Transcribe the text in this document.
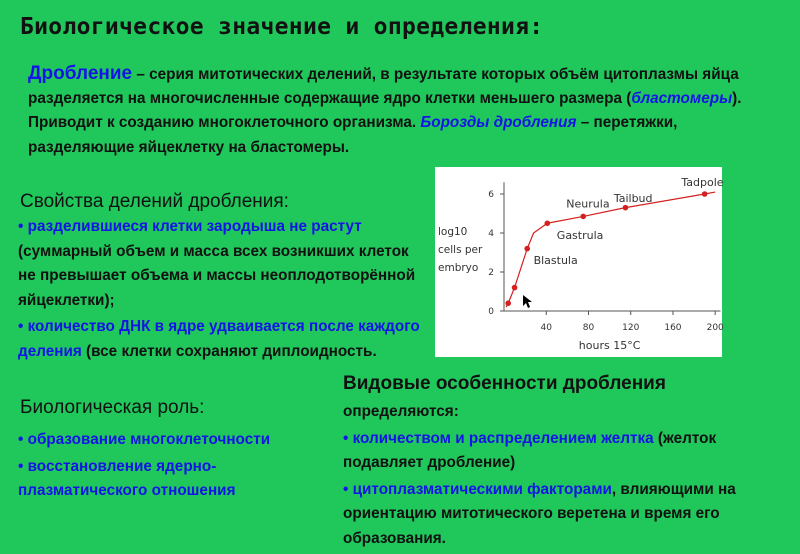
Биологическое значение и определения:
Дробление – серия митотических делений, в результате которых объём цитоплазмы яйца разделяется на многочисленные содержащие ядро клетки меньшего размера (бластомеры). Приводит к созданию многоклеточного организма. Борозды дробления – перетяжки, разделяющие яйцеклетку на бластомеры.
Свойства делений дробления:

• разделившиеся клетки зародыша не растут (суммарный объем и масса всех возникших клеток не превышает объема и массы неоплодотворённой яйцеклетки);

• количество ДНК в ядре удваивается после каждого деления (все клетки сохраняют диплоидность.

Биологическая роль:

• образование многоклеточности

• восстановление ядерно-плазматического отношения

Видовые особенности дробления

определяются:

• количеством и распределением желтка (желток подавляет дробление)

• цитоплазматическими факторами, влияющими на ориентацию митотического веретена и время его образования.

40	80	120	160	200
0
2
4
6
hours 15°C
log10
cells per
embryo
Blastula
Gastrula
Neurula Tailbud
Tadpole
